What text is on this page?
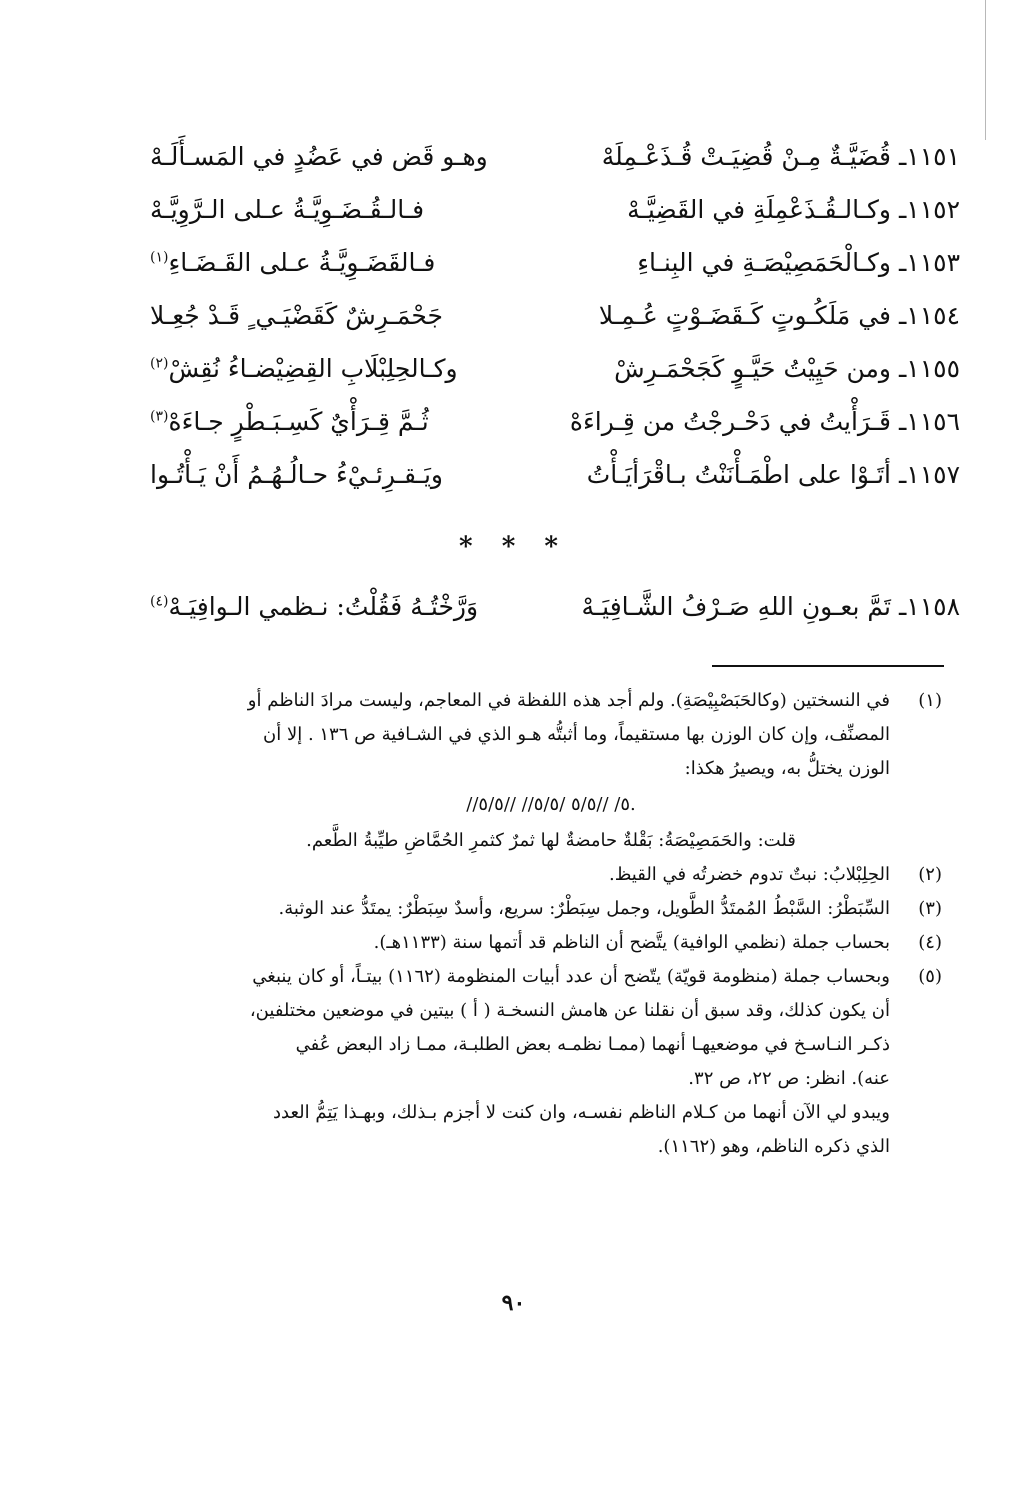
١١٥١ـ قُضَيَّـةٌ مِـنْ قُضِيَـتْ قُـذَعْـمِلَهْ
وهـو قَض في عَضُدٍ في المَسـأَلَـهْ
١١٥٢ـ وكـالـقُـذَعْمِلَةِ في القَضِيَّـهْ
فـالـقُـضَـوِيَّـةُ عـلى الـرَّوِيَّـهْ
١١٥٣ـ وكـالْحَمَصِيْصَـةِ في البِنـاءِ
فـالقَضَـوِيَّـةُ عـلى القَـضَـاءِ$^{(١)}$
١١٥٤ـ في مَلَكُـوتٍ كَـقَضَـوْتٍ عُـمِـلا
جَحْمَـرِشٌ كَقَضْيَـي ٍ قَـدْ جُعِـلا
١١٥٥ـ ومن حَيِيْتُ حَيَّـوٍ كَجَحْمَـرِشْ
وكـالحِلِبْلَابِ القِضِيْضـاءُ نُقِشْ$^{(٢)}$
١١٥٦ـ قَـرَأْيتُ في دَحْـرجْتُ من قِـراءَهْ
ثُـمَّ قِـرَأْيٌ كَسِـبَـطْرٍ جـاءَهْ$^{(٣)}$
١١٥٧ـ أتَـوْا على اطْمَـأْنَنْتُ بـاقْرَأيَـأْتُ
ويَـقـرِئـيْءُ حـالُـهُـمُ أَنْ يَـأْتُـوا
* * *
١١٥٨ـ تَمَّ بعـونِ اللهِ صَـرْفُ الشَّـافِيَـهْ
وَرَّخْتُـهُ فَقُلْتُ: نـظمي الـوافِيَـهْ$^{(٤)}$
(١)
في النسختين (وكالحَبَصْبِيْصَةِ). ولم أجد هذه اللفظة في المعاجم، وليست مرادَ الناظم أو
المصنِّف، وإن كان الوزن بها مستقيماً، وما أثبتُّه هـو الذي في الشـافية ص ١٣٦ . إلا أن
الوزن يختلُّ به، ويصيرُ هكذا:
//٥/ //٥/٥ /٥/٥// //٥/٥.
قلت: والحَمَصِيْصَةُ: بَقْلةٌ حامضةٌ لها ثمرٌ كثمرِ الحُمَّاضِ طيِّبةُ الطَّعم.
(٢)
الحِلِبْلابُ: نبتٌ تدوم خضرتُه في القيظ.
(٣)
السِّبَطْرُ: السَّبْطُ المُمتَدُّ الطَّويل، وجمل سِبَطْرٌ: سريع، وأسدٌ سِبَطْرٌ: يمتَدُّ عند الوثبة.
(٤)
بحساب جملة (نظمي الوافية) يتَّضح أن الناظم قد أتمها سنة (١١٣٣هـ).
(٥)
وبحساب جملة (منظومة قويّة) يتّضح أن عدد أبيات المنظومة (١١٦٢) بيتـاً، أو كان ينبغي
أن يكون كذلك، وقد سبق أن نقلنا عن هامش النسخـة ( أ ) بيتين في موضعين مختلفين،
ذكـر النـاسـخ في موضعيهـا أنهما (ممـا نظمـه بعض الطلبـة، ممـا زاد البعض عُفي
عنه). انظر: ص ٢٢، ص ٣٢.
ويبدو لي الآن أنهما من كـلام الناظم نفسـه، وان كنت لا أجزم بـذلك، وبهـذا يَتِمُّ العدد
الذي ذكره الناظم، وهو (١١٦٢).
٩٠
